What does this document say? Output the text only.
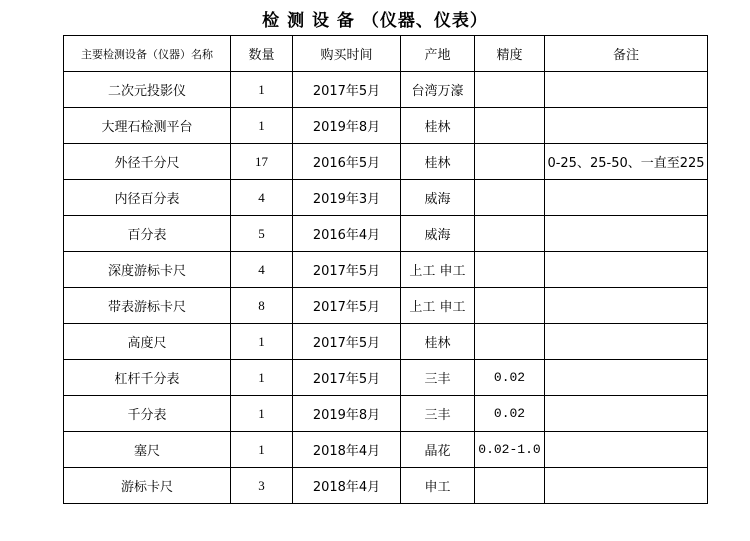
检 测 设 备 （仪器、仪表）
主要检测设备（仪器）名称	数量	购买时间	产地	精度	备注
二次元投影仪	1	2017年5月	台湾万濠		
大理石检测平台	1	2019年8月	桂林		
外径千分尺	17	2016年5月	桂林		0-25、25-50、一直至225
内径百分表	4	2019年3月	威海		
百分表	5	2016年4月	威海		
深度游标卡尺	4	2017年5月	上工 申工		
带表游标卡尺	8	2017年5月	上工 申工		
高度尺	1	2017年5月	桂林		
杠杆千分表	1	2017年5月	三丰	0.02	
千分表	1	2019年8月	三丰	0.02	
塞尺	1	2018年4月	晶花	0.02-1.0	
游标卡尺	3	2018年4月	申工		
